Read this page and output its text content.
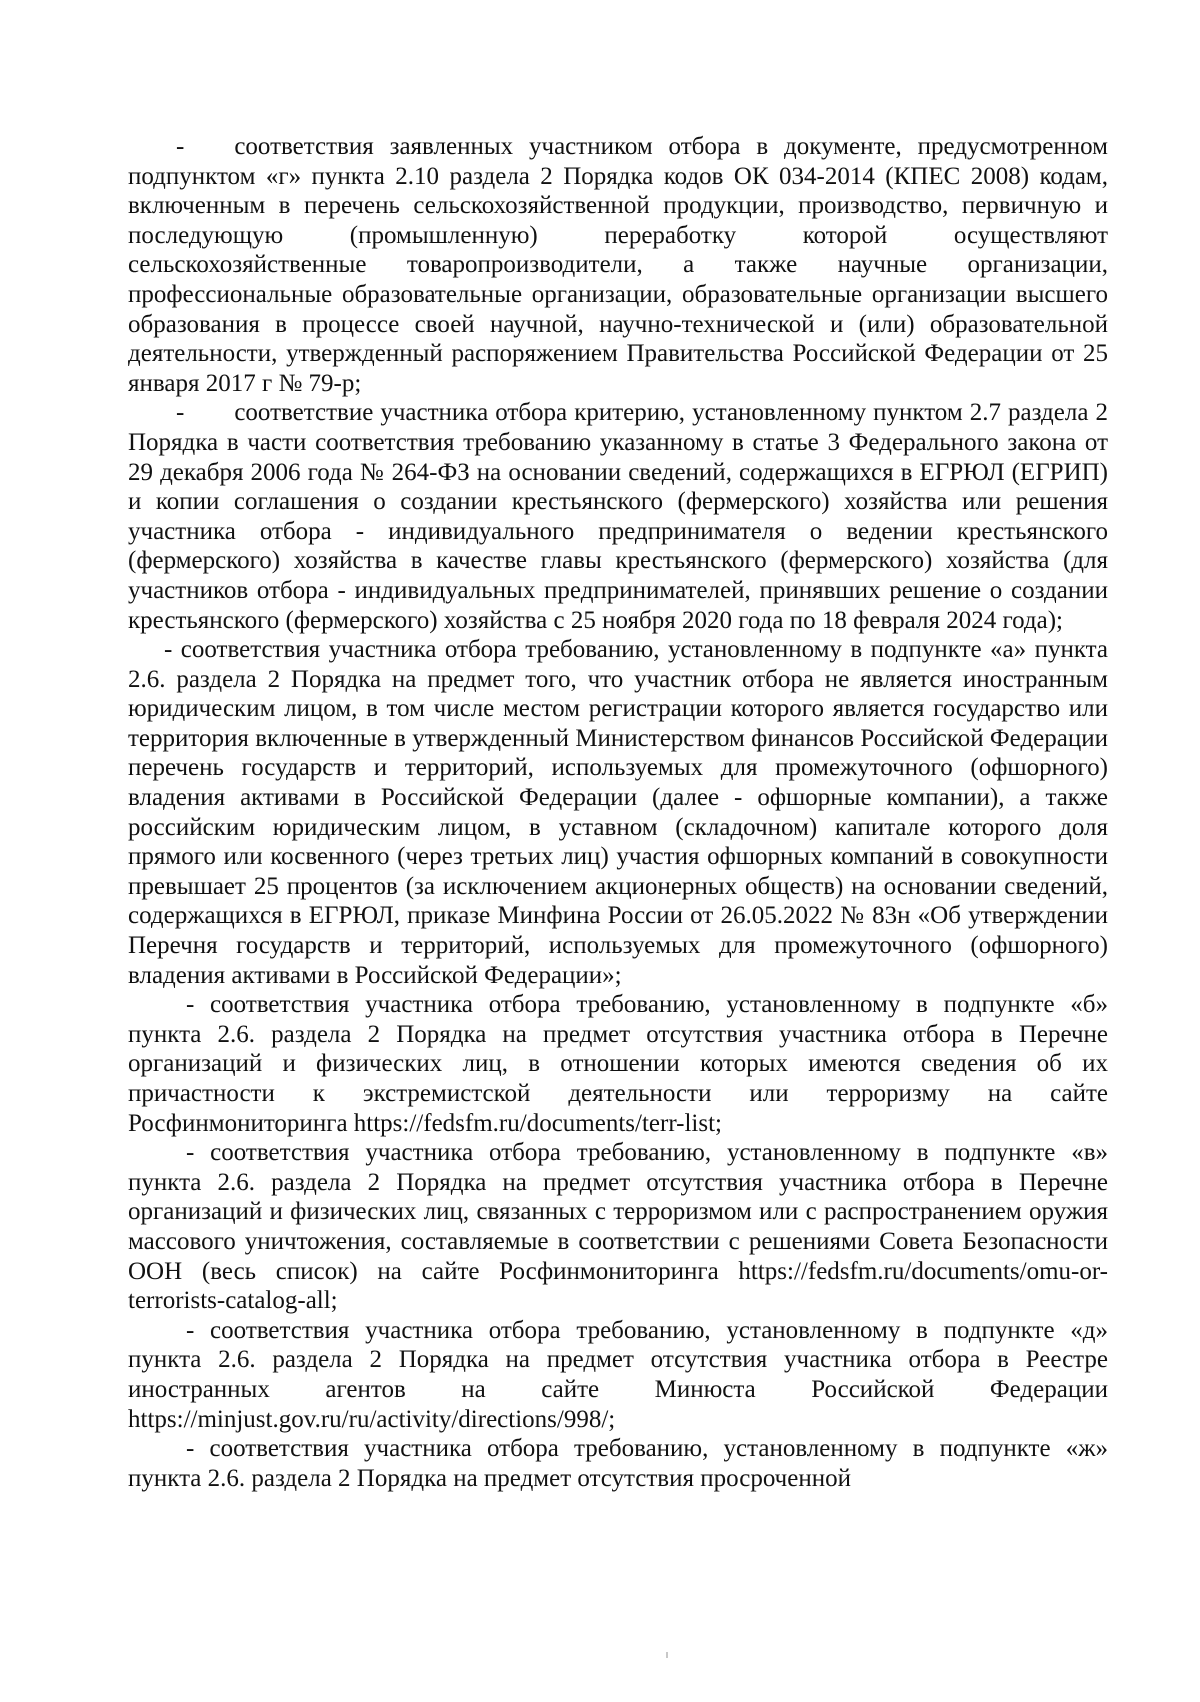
-  соответствия заявленных участником отбора в документе, предусмотренном подпунктом «г» пункта 2.10 раздела 2 Порядка кодов ОК 034-2014 (КПЕС 2008) кодам, включенным в перечень сельскохозяйственной продукции, производство, первичную и последующую (промышленную) переработку которой осуществляют сельскохозяйственные товаропроизводители, а также научные организации, профессиональные образовательные организации, образовательные организации высшего образования в процессе своей научной, научно-технической и (или) образовательной деятельности, утвержденный распоряжением Правительства Российской Федерации от 25 января 2017 г № 79-р;

-  соответствие участника отбора критерию, установленному пунктом 2.7 раздела 2 Порядка в части соответствия требованию указанному в статье 3 Федерального закона от 29 декабря 2006 года № 264-ФЗ на основании сведений, содержащихся в ЕГРЮЛ (ЕГРИП) и копии соглашения о создании крестьянского (фермерского) хозяйства или решения участника отбора - индивидуального предпринимателя о ведении крестьянского (фермерского) хозяйства в качестве главы крестьянского (фермерского) хозяйства (для участников отбора - индивидуальных предпринимателей, принявших решение о создании крестьянского (фермерского) хозяйства с 25 ноября 2020 года по 18 февраля 2024 года);

- соответствия участника отбора требованию, установленному в подпункте «а» пункта 2.6. раздела 2 Порядка на предмет того, что участник отбора не является иностранным юридическим лицом, в том числе местом регистрации которого является государство или территория включенные в утвержденный Министерством финансов Российской Федерации перечень государств и территорий, используемых для промежуточного (офшорного) владения активами в Российской Федерации (далее - офшорные компании), а также российским юридическим лицом, в уставном (складочном) капитале которого доля прямого или косвенного (через третьих лиц) участия офшорных компаний в совокупности превышает 25 процентов (за исключением акционерных обществ) на основании сведений, содержащихся в ЕГРЮЛ, приказе Минфина России от 26.05.2022 № 83н «Об утверждении Перечня государств и территорий, используемых для промежуточного (офшорного) владения активами в Российской Федерации»;

- соответствия участника отбора требованию, установленному в подпункте «б» пункта 2.6. раздела 2 Порядка на предмет отсутствия участника отбора в Перечне организаций и физических лиц, в отношении которых имеются сведения об их причастности к экстремистской деятельности или терроризму на сайте Росфинмониторинга https://fedsfm.ru/documents/terr-list;

- соответствия участника отбора требованию, установленному в подпункте «в» пункта 2.6. раздела 2 Порядка на предмет отсутствия участника отбора в Перечне организаций и физических лиц, связанных с терроризмом или с распространением оружия массового уничтожения, составляемые в соответствии с решениями Совета Безопасности ООН (весь список) на сайте Росфинмониторинга https://fedsfm.ru/documents/omu-or-terrorists-catalog-all;

- соответствия участника отбора требованию, установленному в подпункте «д» пункта 2.6. раздела 2 Порядка на предмет отсутствия участника отбора в Реестре иностранных агентов на сайте Минюста Российской Федерации https://minjust.gov.ru/ru/activity/directions/998/;

- соответствия участника отбора требованию, установленному в подпункте «ж» пункта 2.6. раздела 2 Порядка на предмет отсутствия просроченной
